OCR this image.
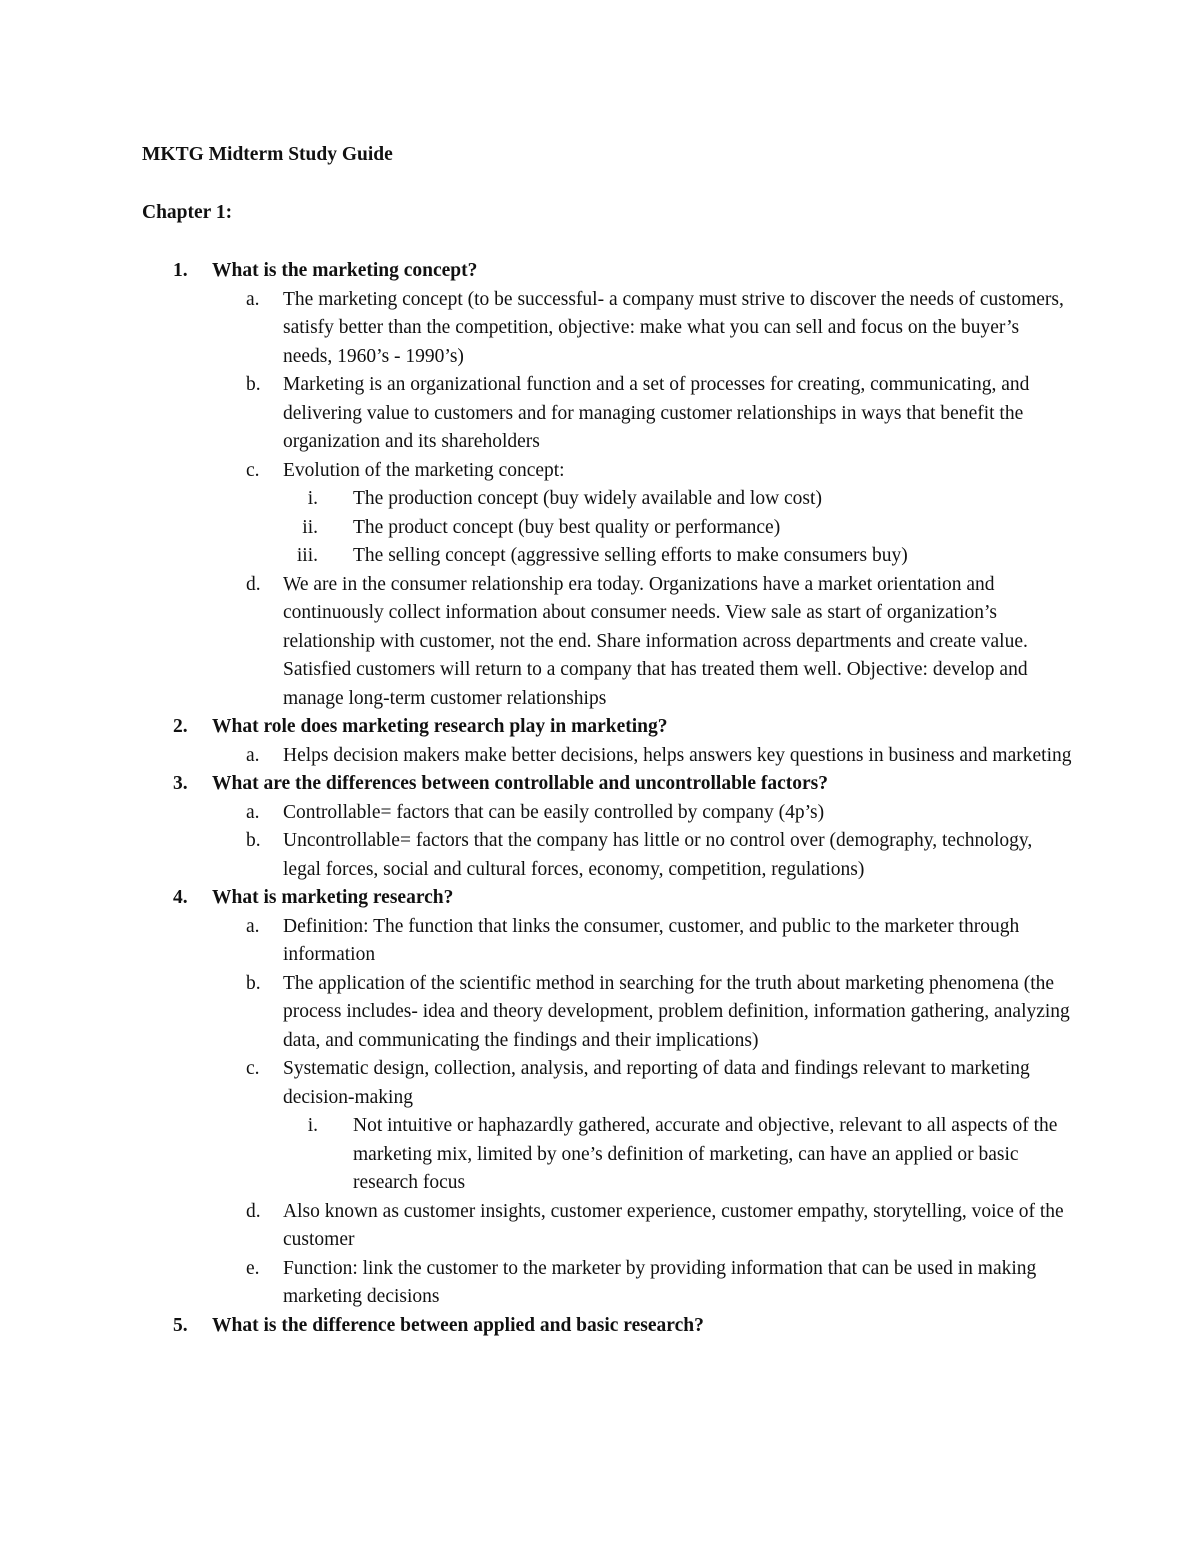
MKTG Midterm Study Guide
Chapter 1:
1. What is the marketing concept?
a. The marketing concept (to be successful- a company must strive to discover the needs of customers, satisfy better than the competition, objective: make what you can sell and focus on the buyer’s needs, 1960’s - 1990’s)
b. Marketing is an organizational function and a set of processes for creating, communicating, and delivering value to customers and for managing customer relationships in ways that benefit the organization and its shareholders
c. Evolution of the marketing concept:
i. The production concept (buy widely available and low cost)
ii. The product concept (buy best quality or performance)
iii. The selling concept (aggressive selling efforts to make consumers buy)
d. We are in the consumer relationship era today. Organizations have a market orientation and continuously collect information about consumer needs. View sale as start of organization’s relationship with customer, not the end. Share information across departments and create value. Satisfied customers will return to a company that has treated them well. Objective: develop and manage long-term customer relationships
2. What role does marketing research play in marketing?
a. Helps decision makers make better decisions, helps answers key questions in business and marketing
3. What are the differences between controllable and uncontrollable factors?
a. Controllable= factors that can be easily controlled by company (4p’s)
b. Uncontrollable= factors that the company has little or no control over (demography, technology, legal forces, social and cultural forces, economy, competition, regulations)
4. What is marketing research?
a. Definition: The function that links the consumer, customer, and public to the marketer through information
b. The application of the scientific method in searching for the truth about marketing phenomena (the process includes- idea and theory development, problem definition, information gathering, analyzing data, and communicating the findings and their implications)
c. Systematic design, collection, analysis, and reporting of data and findings relevant to marketing decision-making
i. Not intuitive or haphazardly gathered, accurate and objective, relevant to all aspects of the marketing mix, limited by one’s definition of marketing, can have an applied or basic research focus
d. Also known as customer insights, customer experience, customer empathy, storytelling, voice of the customer
e. Function: link the customer to the marketer by providing information that can be used in making marketing decisions
5. What is the difference between applied and basic research?
